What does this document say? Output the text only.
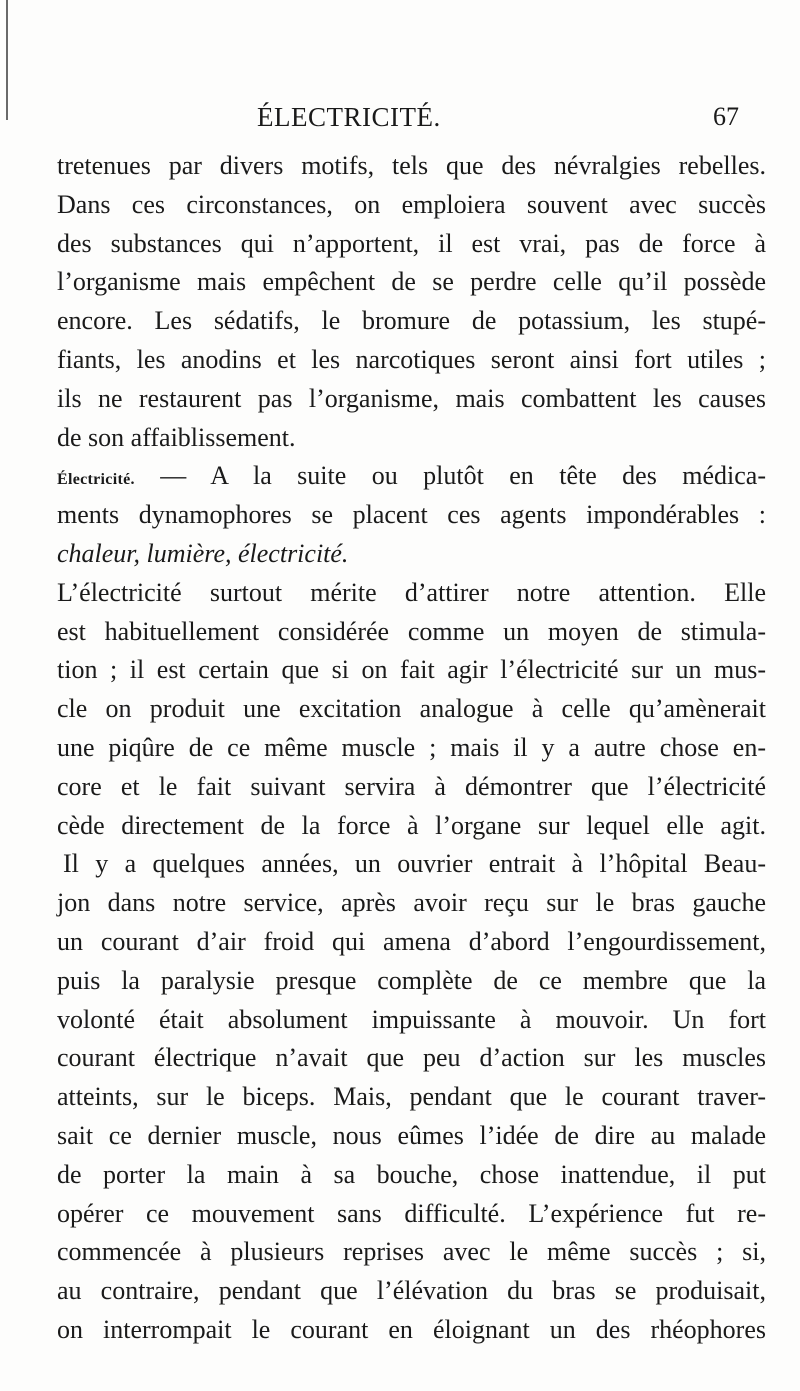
ÉLECTRICITÉ.	67
tretenues par divers motifs, tels que des névralgies rebelles.
Dans ces circonstances, on emploiera souvent avec succès
des substances qui n’apportent, il est vrai, pas de force à
l’organisme mais empêchent de se perdre celle qu’il possède
encore. Les sédatifs, le bromure de potassium, les stupé-
fiants, les anodins et les narcotiques seront ainsi fort utiles ;
ils ne restaurent pas l’organisme, mais combattent les causes
de son affaiblissement.
Électricité. — A la suite ou plutôt en tête des médica-
ments dynamophores se placent ces agents impondérables :
chaleur, lumière, électricité.
L’électricité surtout mérite d’attirer notre attention. Elle
est habituellement considérée comme un moyen de stimula-
tion ; il est certain que si on fait agir l’électricité sur un mus-
cle on produit une excitation analogue à celle qu’amènerait
une piqûre de ce même muscle ; mais il y a autre chose en-
core et le fait suivant servira à démontrer que l’électricité
cède directement de la force à l’organe sur lequel elle agit.
Il y a quelques années, un ouvrier entrait à l’hôpital Beau-
jon dans notre service, après avoir reçu sur le bras gauche
un courant d’air froid qui amena d’abord l’engourdissement,
puis la paralysie presque complète de ce membre que la
volonté était absolument impuissante à mouvoir. Un fort
courant électrique n’avait que peu d’action sur les muscles
atteints, sur le biceps. Mais, pendant que le courant traver-
sait ce dernier muscle, nous eûmes l’idée de dire au malade
de porter la main à sa bouche, chose inattendue, il put
opérer ce mouvement sans difficulté. L’expérience fut re-
commencée à plusieurs reprises avec le même succès ; si,
au contraire, pendant que l’élévation du bras se produisait,
on interrompait le courant en éloignant un des rhéophores
